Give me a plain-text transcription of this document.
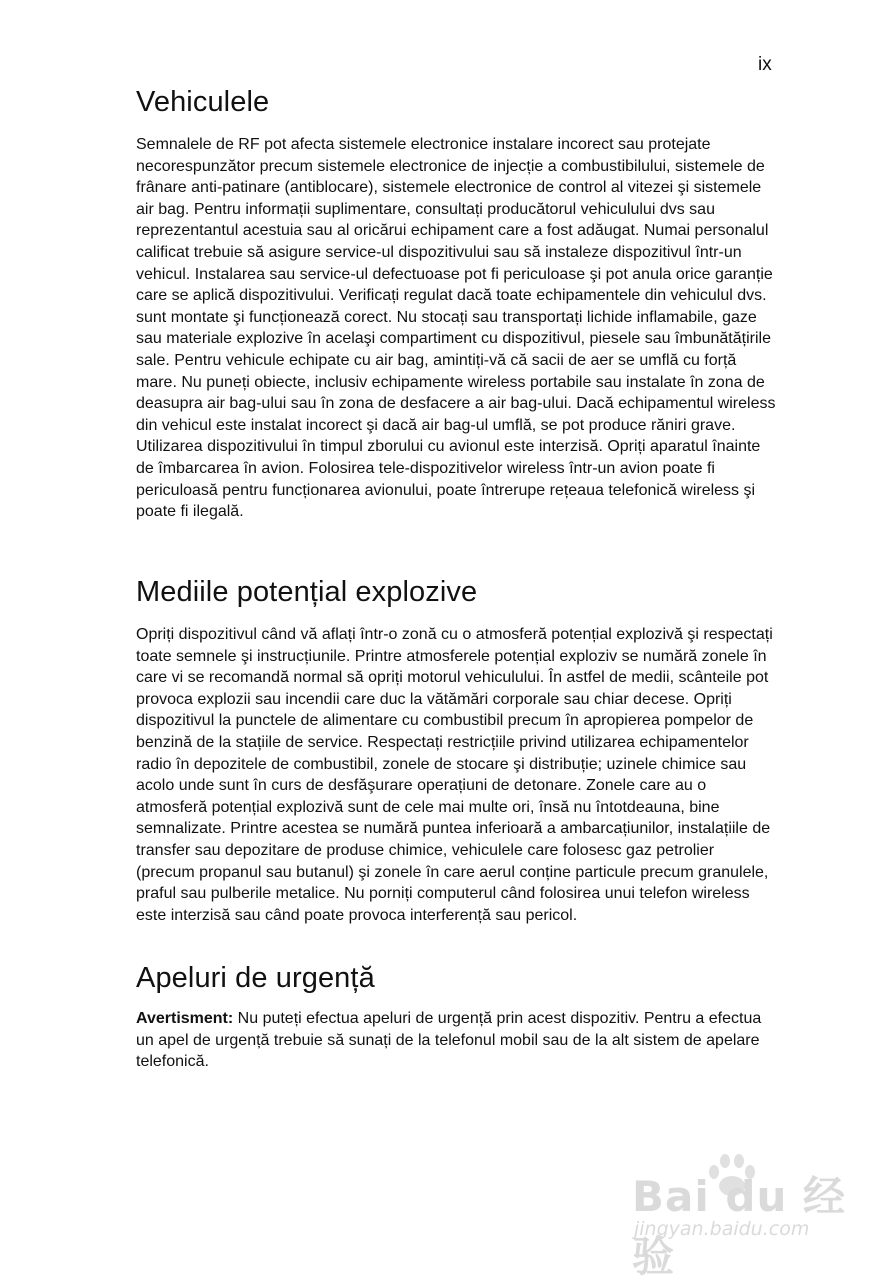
ix
Vehiculele

Semnalele de RF pot afecta sistemele electronice instalare incorect sau protejate necorespunzător precum sistemele electronice de injecție a combustibilului, sistemele de frânare anti-patinare (antiblocare), sistemele electronice de control al vitezei şi sistemele air bag. Pentru informații suplimentare, consultați producătorul vehiculului dvs sau reprezentantul acestuia sau al oricărui echipament care a fost adăugat. Numai personalul calificat trebuie să asigure service-ul dispozitivului sau să instaleze dispozitivul într-un vehicul. Instalarea sau service-ul defectuoase pot fi periculoase şi pot anula orice garanție care se aplică dispozitivului. Verificați regulat dacă toate echipamentele din vehiculul dvs. sunt montate şi funcționează corect. Nu stocați sau transportați lichide inflamabile, gaze sau materiale explozive în acelaşi compartiment cu dispozitivul, piesele sau îmbunătățirile sale. Pentru vehicule echipate cu air bag, amintiți-vă că sacii de aer se umflă cu forță mare. Nu puneți obiecte, inclusiv echipamente wireless portabile sau instalate în zona de deasupra air bag-ului sau în zona de desfacere a air bag-ului. Dacă echipamentul wireless din vehicul este instalat incorect şi dacă air bag-ul umflă, se pot produce răniri grave. Utilizarea dispozitivului în timpul zborului cu avionul este interzisă. Opriți aparatul înainte de îmbarcarea în avion. Folosirea tele-dispozitivelor wireless într-un avion poate fi periculoasă pentru funcționarea avionului, poate întrerupe rețeaua telefonică wireless şi poate fi ilegală.

Mediile potențial explozive

Opriți dispozitivul când vă aflați într-o zonă cu o atmosferă potențial explozivă şi respectați toate semnele şi instrucțiunile. Printre atmosferele potențial exploziv se numără zonele în care vi se recomandă normal să opriți motorul vehiculului. În astfel de medii, scânteile pot provoca explozii sau incendii care duc la vătămări corporale sau chiar decese. Opriți dispozitivul la punctele de alimentare cu combustibil precum în apropierea pompelor de benzină de la stațiile de service. Respectați restricțiile privind utilizarea echipamentelor radio în depozitele de combustibil, zonele de stocare şi distribuție; uzinele chimice sau acolo unde sunt în curs de desfăşurare operațiuni de detonare. Zonele care au o atmosferă potențial explozivă sunt de cele mai multe ori, însă nu întotdeauna, bine semnalizate. Printre acestea se numără puntea inferioară a ambarcațiunilor, instalațiile de transfer sau depozitare de produse chimice, vehiculele care folosesc gaz petrolier (precum propanul sau butanul) şi zonele în care aerul conține particule precum granulele, praful sau pulberile metalice. Nu porniți computerul când folosirea unui telefon wireless este interzisă sau când poate provoca interferență sau pericol.

Apeluri de urgență

Avertisment: Nu puteți efectua apeluri de urgență prin acest dispozitiv. Pentru a efectua un apel de urgență trebuie să sunați de la telefonul mobil sau de la alt sistem de apelare telefonică.

Bai du 经验
jingyan.baidu.com
